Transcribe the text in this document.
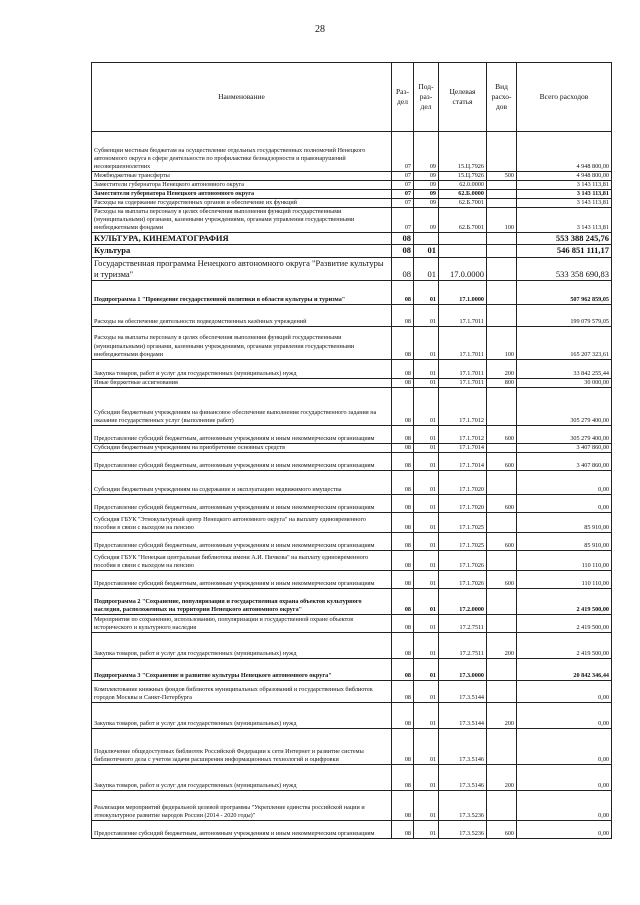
28
Наименование	Раз- дел	Под- раз- дел	Целевая статья	Вид расхо- дов	Всего расходов
Субвенции местным бюджетам на осуществление отдельных государственных полномочий Ненецкого автономного округа в сфере деятельности по профилактике безнадзорности и правонарушений несовершеннолетних	07	09	15.Ц.7926		4 948 800,00
Межбюджетные трансферты	07	09	15.Ц.7926	500	4 948 800,00
Заместители губернатора Ненецкого автономного округа	07	09	62.0.0000		3 143 113,81
Заместители губернатора Ненецкого автономного округа	07	09	62.Б.0000		3 143 113,81
Расходы на содержание государственных органов и обеспечение их функций	07	09	62.Б.7001		3 143 113,81
Расходы на выплаты персоналу в целях обеспечения выполнения функций государственными (муниципальными) органами, казенными учреждениями, органами управления государственными внебюджетными фондами	07	09	62.Б.7001	100	3 143 113,81
КУЛЬТУРА, КИНЕМАТОГРАФИЯ	08				553 388 245,76
Культура	08	01			546 851 111,17
Государственная программа Ненецкого автономного округа "Развитие культуры и туризма"	08	01	17.0.0000		533 358 690,83
Подпрограмма 1 "Проведение государственной политики в области культуры и туризма"	08	01	17.1.0000		507 962 859,05
Расходы на обеспечение деятельности подведомственных казённых учреждений	08	01	17.1.7011		199 079 579,05
Расходы на выплаты персоналу в целях обеспечения выполнения функций государственными (муниципальными) органами, казенными учреждениями, органами управления государственными внебюджетными фондами	08	01	17.1.7011	100	165 207 323,61
Закупка товаров, работ и услуг для государственных (муниципальных) нужд	08	01	17.1.7011	200	33 842 255,44
Иные бюджетные ассигнования	08	01	17.1.7011	800	30 000,00
Субсидии бюджетным учреждениям на финансовое обеспечение выполнения государственного задания на оказание государственных услуг (выполнение работ)	08	01	17.1.7012		305 279 400,00
Предоставление субсидий бюджетным, автономным учреждениям и иным некоммерческим организациям	08	01	17.1.7012	600	305 279 400,00
Субсидии бюджетным учреждениям на приобретение основных средств	08	01	17.1.7014		3 407 860,00
Предоставление субсидий бюджетным, автономным учреждениям и иным некоммерческим организациям	08	01	17.1.7014	600	3 407 860,00
Субсидии бюджетным учреждениям на содержание и эксплуатацию недвижимого имущества	08	01	17.1.7020		0,00
Предоставление субсидий бюджетным, автономным учреждениям и иным некоммерческим организациям	08	01	17.1.7020	600	0,00
Субсидия ГБУК "Этнокультурный центр Ненецкого автономного округа" на выплату единовременного пособия в связи с выходом на пенсию	08	01	17.1.7025		85 910,00
Предоставление субсидий бюджетным, автономным учреждениям и иным некоммерческим организациям	08	01	17.1.7025	600	85 910,00
Субсидия ГБУК "Ненецкая центральная библиотека имени А.И. Пичкова" на выплату единовременного пособия в связи с выходом на пенсию	08	01	17.1.7026		110 110,00
Предоставление субсидий бюджетным, автономным учреждениям и иным некоммерческим организациям	08	01	17.1.7026	600	110 110,00
Подпрограмма 2 "Сохранение, популяризация и государственная охрана объектов культурного наследия, расположенных на территории Ненецкого автономного округа"	08	01	17.2.0000		2 419 500,00
Мероприятия по сохранению, использованию, популяризации и государственной охране объектов исторического и культурного наследия	08	01	17.2.7511		2 419 500,00
Закупка товаров, работ и услуг для государственных (муниципальных) нужд	08	01	17.2.7511	200	2 419 500,00
Подпрограмма 3 "Сохранение и развитие культуры Ненецкого автономного округа"	08	01	17.3.0000		20 842 346,44
Комплектование книжных фондов библиотек муниципальных образований и государственных библиотек городов Москвы и Санкт-Петербурга	08	01	17.3.5144		0,00
Закупка товаров, работ и услуг для государственных (муниципальных) нужд	08	01	17.3.5144	200	0,00
Подключение общедоступных библиотек Российской Федерации к сети Интернет и развитие системы библиотечного дела с учетом задачи расширения информационных технологий и оцифровки	08	01	17.3.5146		0,00
Закупка товаров, работ и услуг для государственных (муниципальных) нужд	08	01	17.3.5146	200	0,00
Реализация мероприятий федеральной целевой программы "Укрепление единства российской нации и этнокультурное развитие народов России (2014 - 2020 годы)"	08	01	17.3.5236		0,00
Предоставление субсидий бюджетным, автономным учреждениям и иным некоммерческим организациям	08	01	17.3.5236	600	0,00
